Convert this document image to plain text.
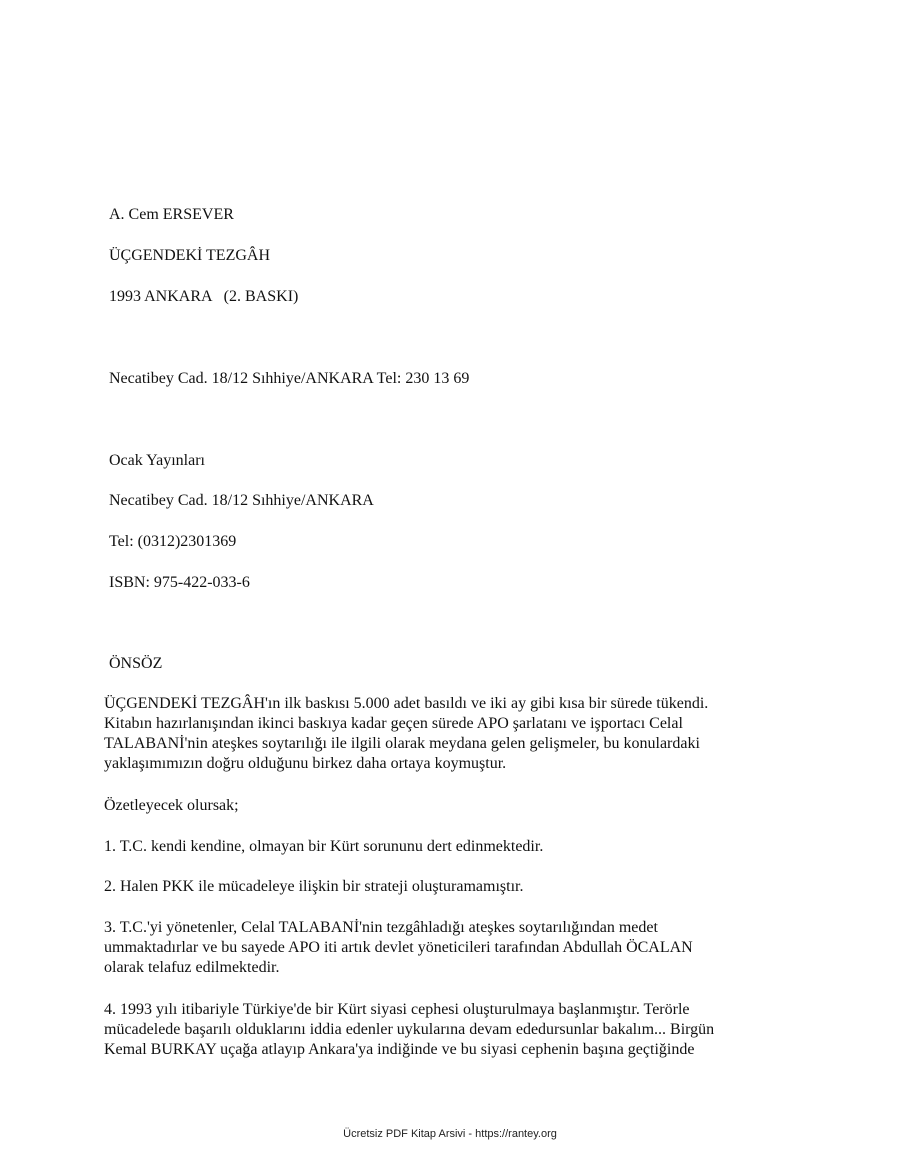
A. Cem ERSEVER
ÜÇGENDEKİ TEZGÂH
1993 ANKARA   (2. BASKI)
Necatibey Cad. 18/12 Sıhhiye/ANKARA Tel: 230 13 69
Ocak Yayınları
Necatibey Cad. 18/12 Sıhhiye/ANKARA
Tel: (0312)2301369
ISBN: 975-422-033-6
ÖNSÖZ
ÜÇGENDEKİ TEZGÂH'ın ilk baskısı 5.000 adet basıldı ve iki ay gibi kısa bir sürede tükendi.
Kitabın hazırlanışından ikinci baskıya kadar geçen sürede APO şarlatanı ve işportacı Celal
TALABANİ'nin ateşkes soytarılığı ile ilgili olarak meydana gelen gelişmeler, bu konulardaki
yaklaşımımızın doğru olduğunu birkez daha ortaya koymuştur.
Özetleyecek olursak;
1. T.C. kendi kendine, olmayan bir Kürt sorununu dert edinmektedir.
2. Halen PKK ile mücadeleye ilişkin bir strateji oluşturamamıştır.
3. T.C.'yi yönetenler, Celal TALABANİ'nin tezgâhladığı ateşkes soytarılığından medet
ummaktadırlar ve bu sayede APO iti artık devlet yöneticileri tarafından Abdullah ÖCALAN
olarak telafuz edilmektedir.
4. 1993 yılı itibariyle Türkiye'de bir Kürt siyasi cephesi oluşturulmaya başlanmıştır. Terörle
mücadelede başarılı olduklarını iddia edenler uykularına devam ededursunlar bakalım... Birgün
Kemal BURKAY uçağa atlayıp Ankara'ya indiğinde ve bu siyasi cephenin başına geçtiğinde
Ücretsiz PDF Kitap Arsivi - https://rantey.org
